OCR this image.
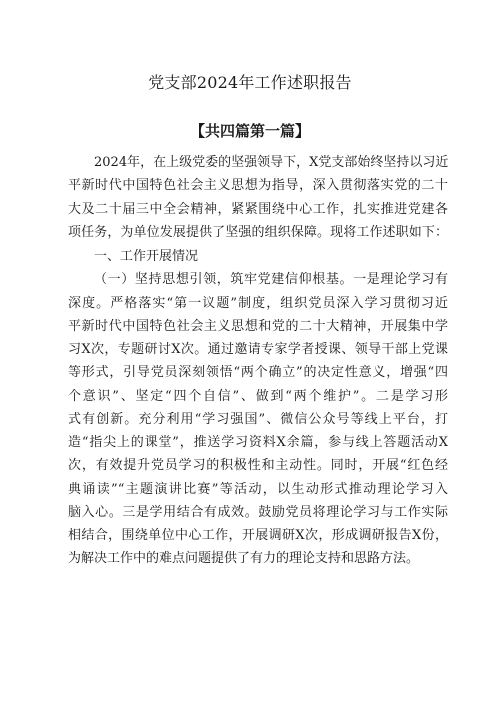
党支部2024年工作述职报告
【共四篇第一篇】
2024年，在上级党委的坚强领导下，X党支部始终坚持以习近
平新时代中国特色社会主义思想为指导，深入贯彻落实党的二十
大及二十届三中全会精神，紧紧围绕中心工作，扎实推进党建各
项任务，为单位发展提供了坚强的组织保障。现将工作述职如下：
一、工作开展情况
（一）坚持思想引领，筑牢党建信仰根基。一是理论学习有
深度。严格落实“第一议题”制度，组织党员深入学习贯彻习近
平新时代中国特色社会主义思想和党的二十大精神，开展集中学
习X次，专题研讨X次。通过邀请专家学者授课、领导干部上党课
等形式，引导党员深刻领悟“两个确立”的决定性意义，增强“四
个意识”、坚定“四个自信”、做到“两个维护”。二是学习形
式有创新。充分利用“学习强国”、微信公众号等线上平台，打
造“指尖上的课堂”，推送学习资料X余篇，参与线上答题活动X
次，有效提升党员学习的积极性和主动性。同时，开展“红色经
典诵读”“主题演讲比赛”等活动，以生动形式推动理论学习入
脑入心。三是学用结合有成效。鼓励党员将理论学习与工作实际
相结合，围绕单位中心工作，开展调研X次，形成调研报告X份，
为解决工作中的难点问题提供了有力的理论支持和思路方法。
